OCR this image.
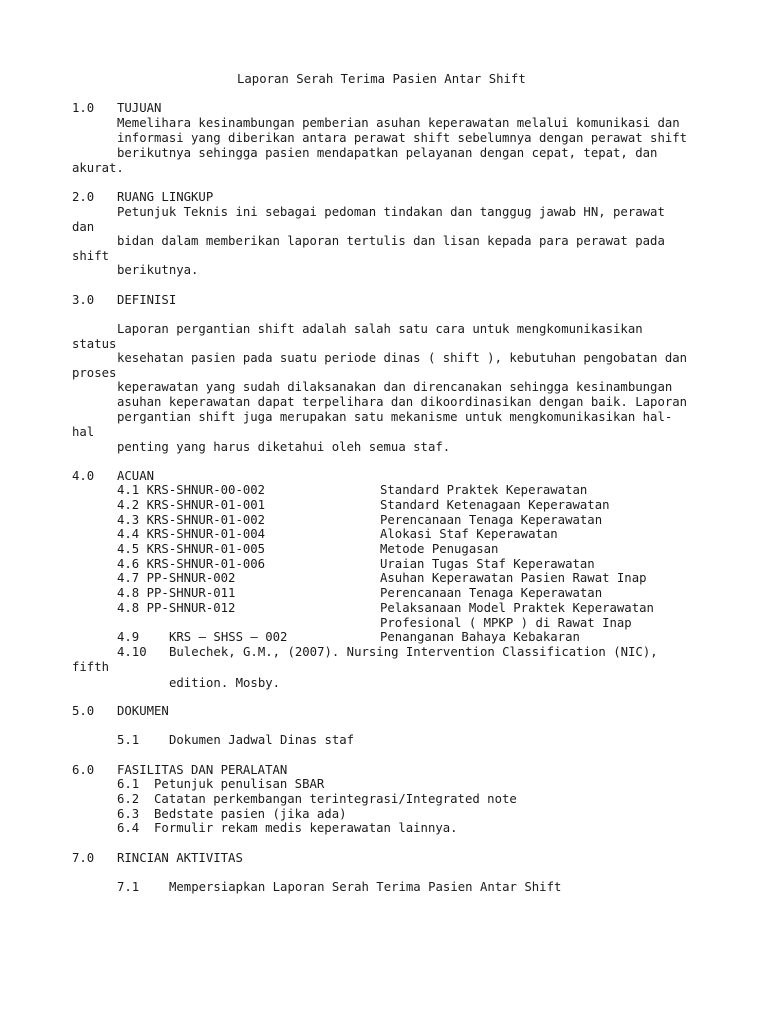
Laporan Serah Terima Pasien Antar Shift
1.0 TUJUAN
Memelihara kesinambungan pemberian asuhan keperawatan melalui komunikasi dan
informasi yang diberikan antara perawat shift sebelumnya dengan perawat shift
berikutnya sehingga pasien mendapatkan pelayanan dengan cepat, tepat, dan
akurat.
2.0 RUANG LINGKUP
Petunjuk Teknis ini sebagai pedoman tindakan dan tanggug jawab HN, perawat
dan
bidan dalam memberikan laporan tertulis dan lisan kepada para perawat pada
shift
berikutnya.
3.0 DEFINISI
Laporan pergantian shift adalah salah satu cara untuk mengkomunikasikan
status
kesehatan pasien pada suatu periode dinas ( shift ), kebutuhan pengobatan dan
proses
keperawatan yang sudah dilaksanakan dan direncanakan sehingga kesinambungan
asuhan keperawatan dapat terpelihara dan dikoordinasikan dengan baik. Laporan
pergantian shift juga merupakan satu mekanisme untuk mengkomunikasikan hal-
hal
penting yang harus diketahui oleh semua staf.
4.0 ACUAN
4.1 KRS-SHNUR-00-002	Standard Praktek Keperawatan
4.2 KRS-SHNUR-01-001	Standard Ketenagaan Keperawatan
4.3 KRS-SHNUR-01-002	Perencanaan Tenaga Keperawatan
4.4 KRS-SHNUR-01-004	Alokasi Staf Keperawatan
4.5 KRS-SHNUR-01-005	Metode Penugasan
4.6 KRS-SHNUR-01-006	Uraian Tugas Staf Keperawatan
4.7 PP-SHNUR-002	Asuhan Keperawatan Pasien Rawat Inap
4.8 PP-SHNUR-011	Perencanaan Tenaga Keperawatan
4.8 PP-SHNUR-012	Pelaksanaan Model Praktek Keperawatan
Profesional ( MPKP ) di Rawat Inap
4.9 KRS – SHSS – 002	Penanganan Bahaya Kebakaran
4.10 Bulechek, G.M., (2007). Nursing Intervention Classification (NIC),
fifth
edition. Mosby.
5.0 DOKUMEN
5.1 Dokumen Jadwal Dinas staf
6.0 FASILITAS DAN PERALATAN
6.1  Petunjuk penulisan SBAR
6.2  Catatan perkembangan terintegrasi/Integrated note
6.3  Bedstate pasien (jika ada)
6.4  Formulir rekam medis keperawatan lainnya.
7.0 RINCIAN AKTIVITAS
7.1 Mempersiapkan Laporan Serah Terima Pasien Antar Shift
